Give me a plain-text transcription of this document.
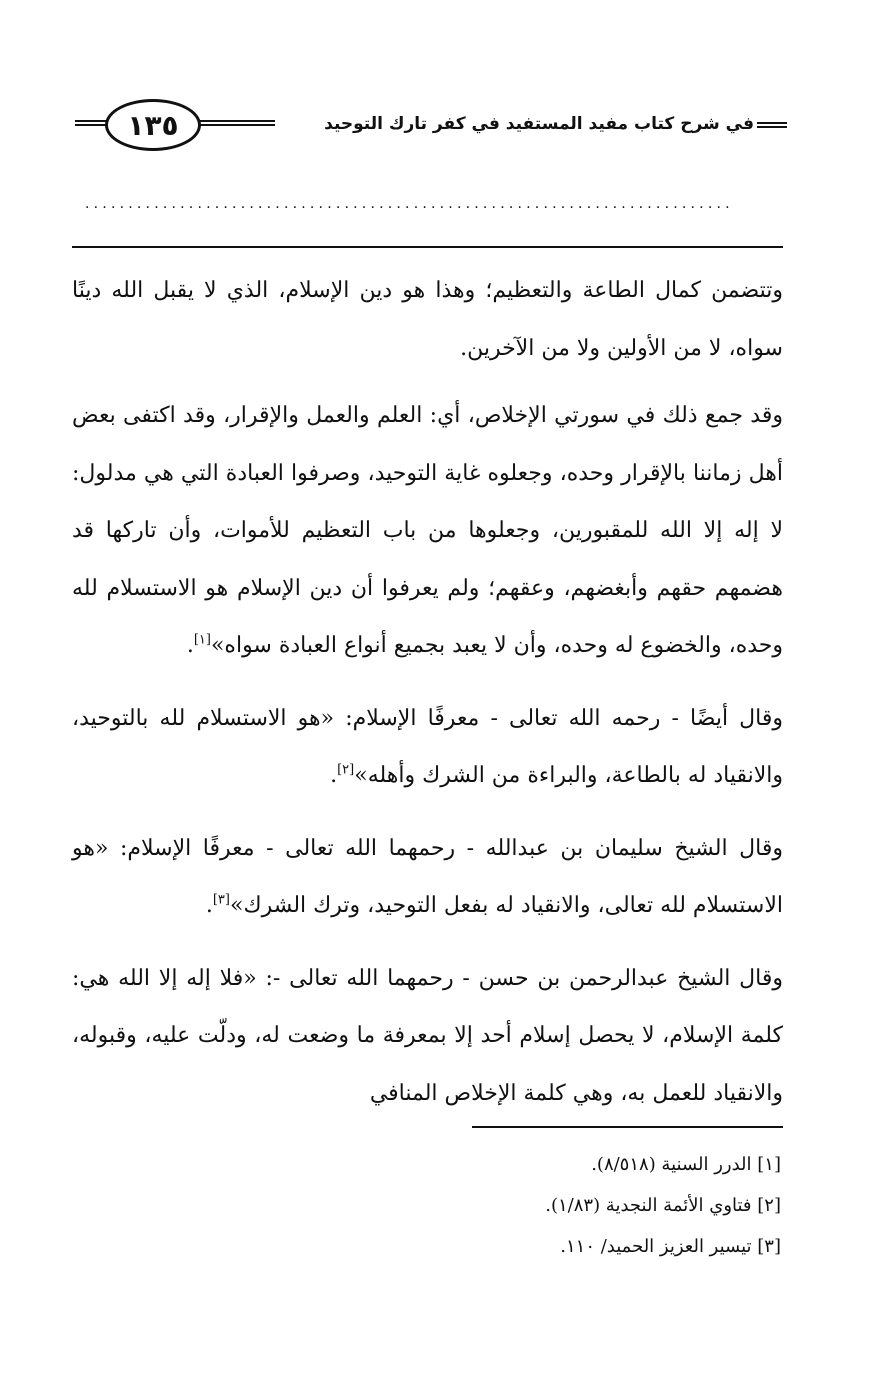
١٣٥	في شرح كتاب مفيد المستفيد في كفر تارك التوحيد
...........................................................................

وتتضمن كمال الطاعة والتعظيم؛ وهذا هو دين الإسلام، الذي لا يقبل الله دينًا سواه، لا من الأولين ولا من الآخرين.

وقد جمع ذلك في سورتي الإخلاص، أي: العلم والعمل والإقرار، وقد اكتفى بعض أهل زماننا بالإقرار وحده، وجعلوه غاية التوحيد، وصرفوا العبادة التي هي مدلول: لا إله إلا الله للمقبورين، وجعلوها من باب التعظيم للأموات، وأن تاركها قد هضمهم حقهم وأبغضهم، وعقهم؛ ولم يعرفوا أن دين الإسلام هو الاستسلام لله وحده، والخضوع له وحده، وأن لا يعبد بجميع أنواع العبادة سواه»[١].

وقال أيضًا - رحمه الله تعالى - معرفًا الإسلام: «هو الاستسلام لله بالتوحيد، والانقياد له بالطاعة، والبراءة من الشرك وأهله»[٢].

وقال الشيخ سليمان بن عبدالله - رحمهما الله تعالى - معرفًا الإسلام: «هو الاستسلام لله تعالى، والانقياد له بفعل التوحيد، وترك الشرك»[٣].

وقال الشيخ عبدالرحمن بن حسن - رحمهما الله تعالى -: «فلا إله إلا الله هي: كلمة الإسلام، لا يحصل إسلام أحد إلا بمعرفة ما وضعت له، ودلّت عليه، وقبوله، والانقياد للعمل به، وهي كلمة الإخلاص المنافي

[١] الدرر السنية (٨/٥١٨).
[٢] فتاوي الأئمة النجدية (١/٨٣).
[٣] تيسير العزيز الحميد/ ١١٠.
